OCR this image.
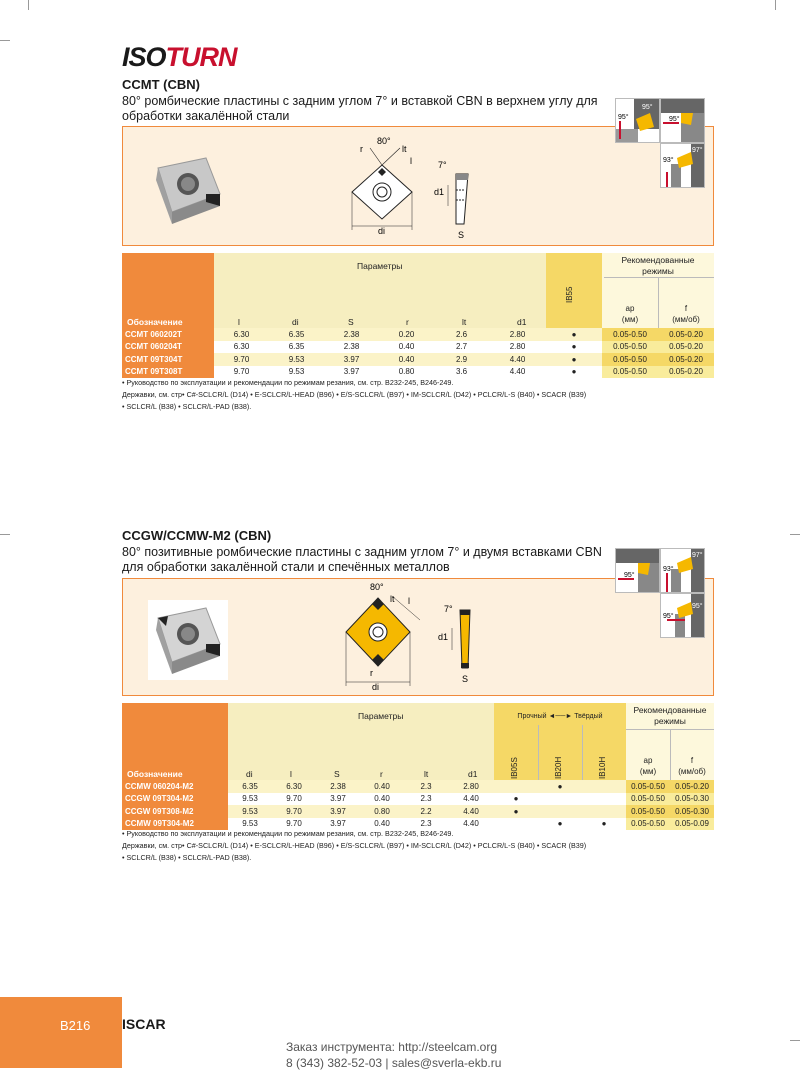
ISOTURN
CCMT (CBN)
80° ромбические пластины с задним углом 7° и вставкой CBN в верхнем углу для
обработки закалённой стали
80°
r	lt
l
di
7°
d1
S
95°
95°	95°
97°
93°
Параметры
Рекомендованные
режимы
Обозначение
IB55
ap
(мм)
f
(мм/об)
l	di	S	r	lt	d1
CCMT 060202T	6.30	6.35	2.38	0.20	2.6	2.80	●	0.05-0.50	0.05-0.20
CCMT 060204T	6.30	6.35	2.38	0.40	2.7	2.80	●	0.05-0.50	0.05-0.20
CCMT 09T304T	9.70	9.53	3.97	0.40	2.9	4.40	●	0.05-0.50	0.05-0.20
CCMT 09T308T	9.70	9.53	3.97	0.80	3.6	4.40	●	0.05-0.50	0.05-0.20
• Руководство по эксплуатации и рекомендации по режимам резания, см. стр. B232-245, B246-249.
Державки, см. стр• C#-SCLCR/L (D14) • E-SCLCR/L-HEAD (B96) • E/S-SCLCR/L (B97) • IM-SCLCR/L (D42) • PCLCR/L-S (B40) • SCACR (B39)
• SCLCR/L (B38) • SCLCR/L-PAD (B38).
CCGW/CCMW-M2 (CBN)
80° позитивные ромбические пластины с задним углом 7° и двумя вставками CBN
для обработки закалённой стали и спечённых металлов
80°
lt l
r
di
7°
d1
S
95°
97°
93°
95°
95°
Параметры	Прочный ◄──► Твёрдый
Рекомендованные
режимы
Обозначение	IB05S	IB20H	IB10H	ap
(мм)
f
(мм/об)
di	l	S	r	lt	d1
CCMW 060204-M2	6.35	6.30	2.38	0.40	2.3	2.80		●		0.05-0.50	0.05-0.20
CCGW 09T304-M2	9.53	9.70	3.97	0.40	2.3	4.40	●			0.05-0.50	0.05-0.30
CCGW 09T308-M2	9.53	9.70	3.97	0.80	2.2	4.40	●			0.05-0.50	0.05-0.30
CCMW 09T304-M2	9.53	9.70	3.97	0.40	2.3	4.40		●	●	0.05-0.50	0.05-0.09
• Руководство по эксплуатации и рекомендации по режимам резания, см. стр. B232-245, B246-249.
Державки, см. стр• C#-SCLCR/L (D14) • E-SCLCR/L-HEAD (B96) • E/S-SCLCR/L (B97) • IM-SCLCR/L (D42) • PCLCR/L-S (B40) • SCACR (B39)
• SCLCR/L (B38) • SCLCR/L-PAD (B38).
B216 ISCAR
Заказ инструмента: http://steelcam.org
8 (343) 382-52-03 | sales@sverla-ekb.ru
